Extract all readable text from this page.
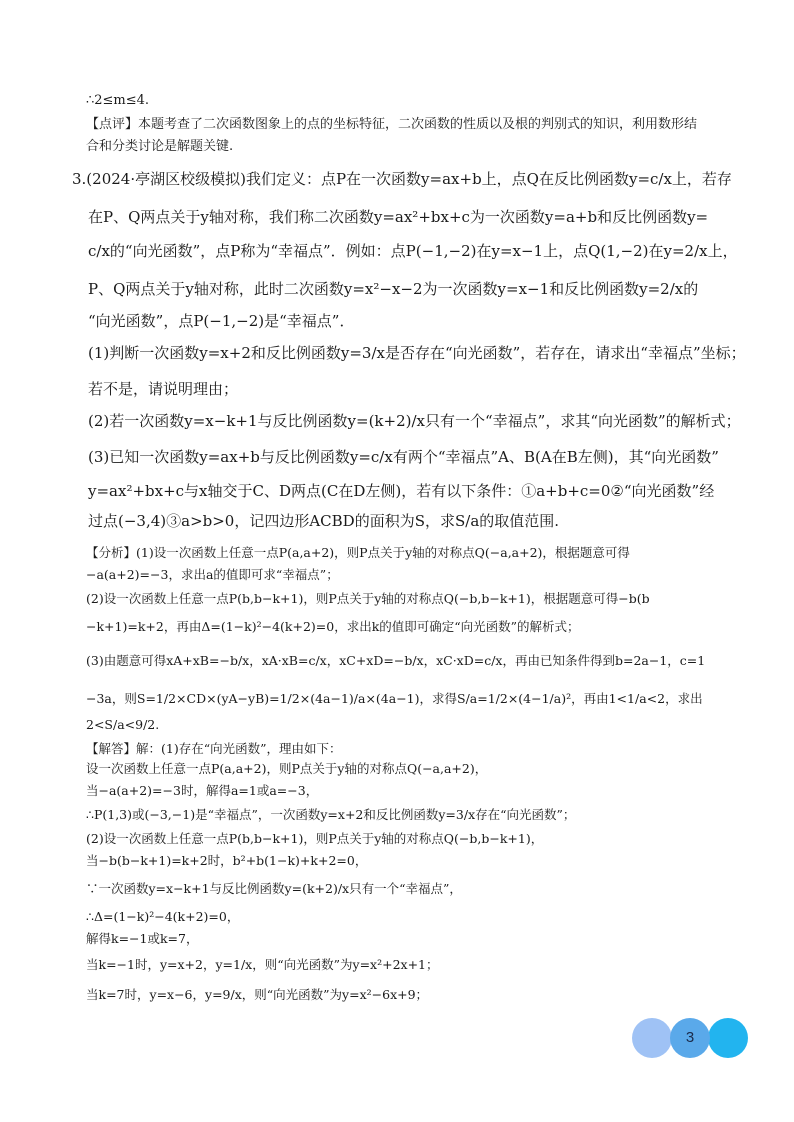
∴2≤m≤4.
【点评】本题考查了二次函数图象上的点的坐标特征，二次函数的性质以及根的判别式的知识，利用数形结
合和分类讨论是解题关键.
3.(2024·亭湖区校级模拟)我们定义：点P在一次函数y=ax+b上，点Q在反比例函数y=c/x上，若存
在P、Q两点关于y轴对称，我们称二次函数y=ax²+bx+c为一次函数y=a+b和反比例函数y=
c/x的“向光函数”，点P称为“幸福点”．例如：点P(−1,−2)在y=x−1上，点Q(1,−2)在y=2/x上，
P、Q两点关于y轴对称，此时二次函数y=x²−x−2为一次函数y=x−1和反比例函数y=2/x的
“向光函数”，点P(−1,−2)是“幸福点”．
(1)判断一次函数y=x+2和反比例函数y=3/x是否存在“向光函数”，若存在，请求出“幸福点”坐标；
若不是，请说明理由；
(2)若一次函数y=x−k+1与反比例函数y=(k+2)/x只有一个“幸福点”，求其“向光函数”的解析式；
(3)已知一次函数y=ax+b与反比例函数y=c/x有两个“幸福点”A、B(A在B左侧)，其“向光函数”
y=ax²+bx+c与x轴交于C、D两点(C在D左侧)，若有以下条件：①a+b+c=0②“向光函数”经
过点(−3,4)③a>b>0，记四边形ACBD的面积为S，求S/a的取值范围.
【分析】(1)设一次函数上任意一点P(a,a+2)，则P点关于y轴的对称点Q(−a,a+2)，根据题意可得
−a(a+2)=−3，求出a的值即可求“幸福点”；
(2)设一次函数上任意一点P(b,b−k+1)，则P点关于y轴的对称点Q(−b,b−k+1)，根据题意可得−b(b
−k+1)=k+2，再由Δ=(1−k)²−4(k+2)=0，求出k的值即可确定“向光函数”的解析式；
(3)由题意可得xA+xB=−b/x，xA·xB=c/x，xC+xD=−b/x，xC·xD=c/x，再由已知条件得到b=2a−1，c=1
−3a，则S=1/2×CD×(yA−yB)=1/2×(4a−1)/a×(4a−1)，求得S/a=1/2×(4−1/a)²，再由1<1/a<2，求出
2<S/a<9/2.
【解答】解：(1)存在“向光函数”，理由如下：
设一次函数上任意一点P(a,a+2)，则P点关于y轴的对称点Q(−a,a+2)，
当−a(a+2)=−3时，解得a=1或a=−3，
∴P(1,3)或(−3,−1)是“幸福点”，一次函数y=x+2和反比例函数y=3/x存在“向光函数”；
(2)设一次函数上任意一点P(b,b−k+1)，则P点关于y轴的对称点Q(−b,b−k+1)，
当−b(b−k+1)=k+2时，b²+b(1−k)+k+2=0，
∵一次函数y=x−k+1与反比例函数y=(k+2)/x只有一个“幸福点”，
∴Δ=(1−k)²−4(k+2)=0，
解得k=−1或k=7，
当k=−1时，y=x+2，y=1/x，则“向光函数”为y=x²+2x+1；
当k=7时，y=x−6，y=9/x，则“向光函数”为y=x²−6x+9；
3
